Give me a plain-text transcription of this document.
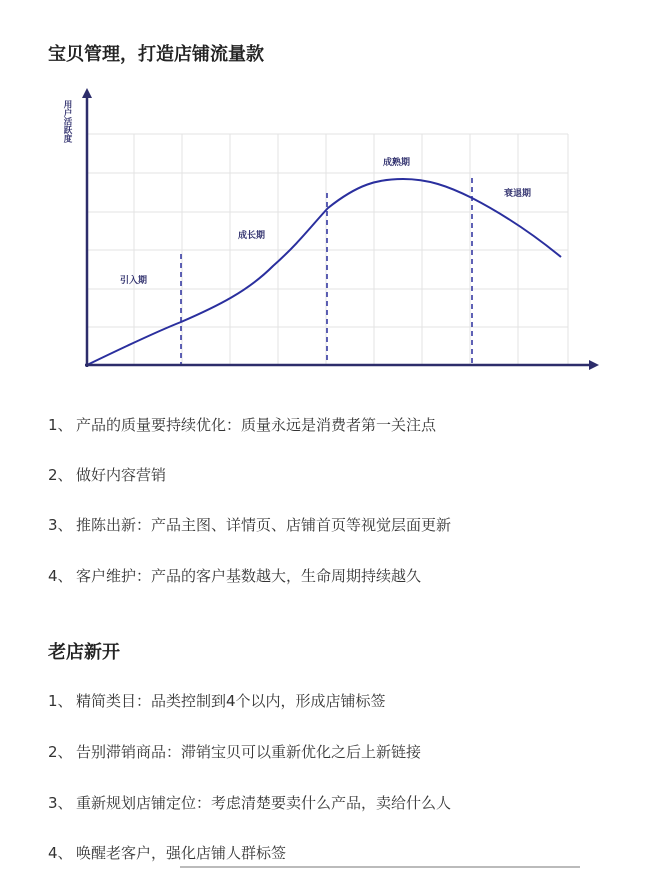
宝贝管理，打造店铺流量款
用户活跃度
引入期
成长期
成熟期
衰退期
1、 产品的质量要持续优化：质量永远是消费者第一关注点
2、 做好内容营销
3、 推陈出新：产品主图、详情页、店铺首页等视觉层面更新
4、 客户维护：产品的客户基数越大，生命周期持续越久
老店新开
1、 精简类目：品类控制到4个以内，形成店铺标签
2、 告别滞销商品：滞销宝贝可以重新优化之后上新链接
3、 重新规划店铺定位：考虑清楚要卖什么产品，卖给什么人
4、 唤醒老客户，强化店铺人群标签
